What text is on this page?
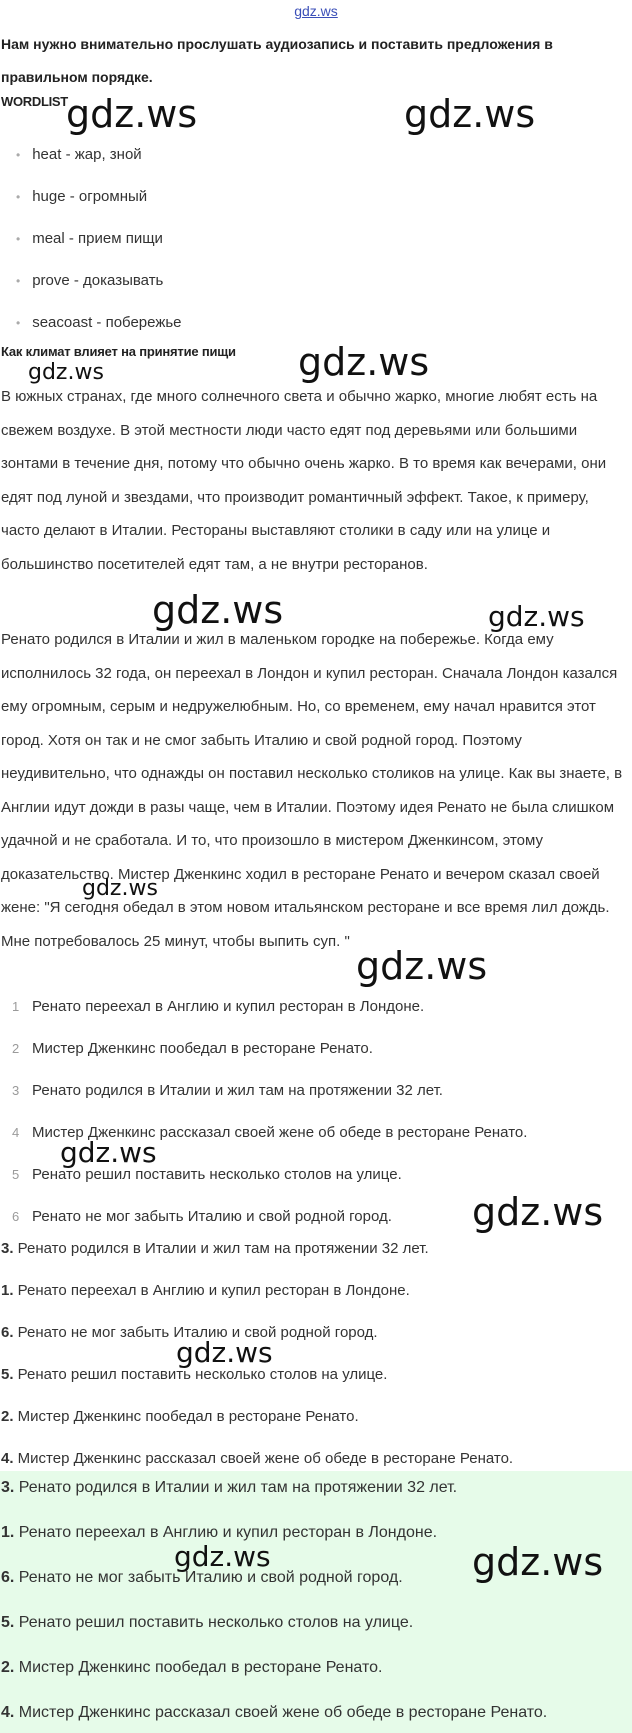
gdz.ws
Нам нужно внимательно прослушать аудиозапись и поставить предложения в правильном порядке.
WORDLIST
• heat - жар, зной
• huge - огромный
• meal - прием пищи
• prove - доказывать
• seacoast - побережье
Как климат влияет на принятие пищи
В южных странах, где много солнечного света и обычно жарко, многие любят есть на свежем воздухе. В этой местности люди часто едят под деревьями или большими зонтами в течение дня, потому что обычно очень жарко. В то время как вечерами, они едят под луной и звездами, что производит романтичный эффект. Такое, к примеру, часто делают в Италии. Рестораны выставляют столики в саду или на улице и большинство посетителей едят там, а не внутри ресторанов.
Ренато родился в Италии и жил в маленьком городке на побережье. Когда ему исполнилось 32 года, он переехал в Лондон и купил ресторан. Сначала Лондон казался ему огромным, серым и недружелюбным. Но, со временем, ему начал нравится этот город. Хотя он так и не смог забыть Италию и свой родной город. Поэтому неудивительно, что однажды он поставил несколько столиков на улице. Как вы знаете, в Англии идут дожди в разы чаще, чем в Италии. Поэтому идея Ренато не была слишком удачной и не сработала. И то, что произошло в мистером Дженкинсом, этому доказательство. Мистер Дженкинс ходил в ресторане Ренато и вечером сказал своей жене: "Я сегодня обедал в этом новом итальянском ресторане и все время лил дождь. Мне потребовалось 25 минут, чтобы выпить суп. "
1 Ренато переехал в Англию и купил ресторан в Лондоне.
2 Мистер Дженкинс пообедал в ресторане Ренато.
3 Ренато родился в Италии и жил там на протяжении 32 лет.
4 Мистер Дженкинс рассказал своей жене об обеде в ресторане Ренато.
5 Ренато решил поставить несколько столов на улице.
6 Ренато не мог забыть Италию и свой родной город.
3. Ренато родился в Италии и жил там на протяжении 32 лет.
1. Ренато переехал в Англию и купил ресторан в Лондоне.
6. Ренато не мог забыть Италию и свой родной город.
5. Ренато решил поставить несколько столов на улице.
2. Мистер Дженкинс пообедал в ресторане Ренато.
4. Мистер Дженкинс рассказал своей жене об обеде в ресторане Ренато.
3. Ренато родился в Италии и жил там на протяжении 32 лет.
1. Ренато переехал в Англию и купил ресторан в Лондоне.
6. Ренато не мог забыть Италию и свой родной город.
5. Ренато решил поставить несколько столов на улице.
2. Мистер Дженкинс пообедал в ресторане Ренато.
4. Мистер Дженкинс рассказал своей жене об обеде в ресторане Ренато.
gdz.ws	gdz.ws
gdz.ws	gdz.ws
gdz.ws	gdz.ws
gdz.ws
gdz.ws
gdz.ws
gdz.ws
gdz.ws
gdz.ws	gdz.ws
